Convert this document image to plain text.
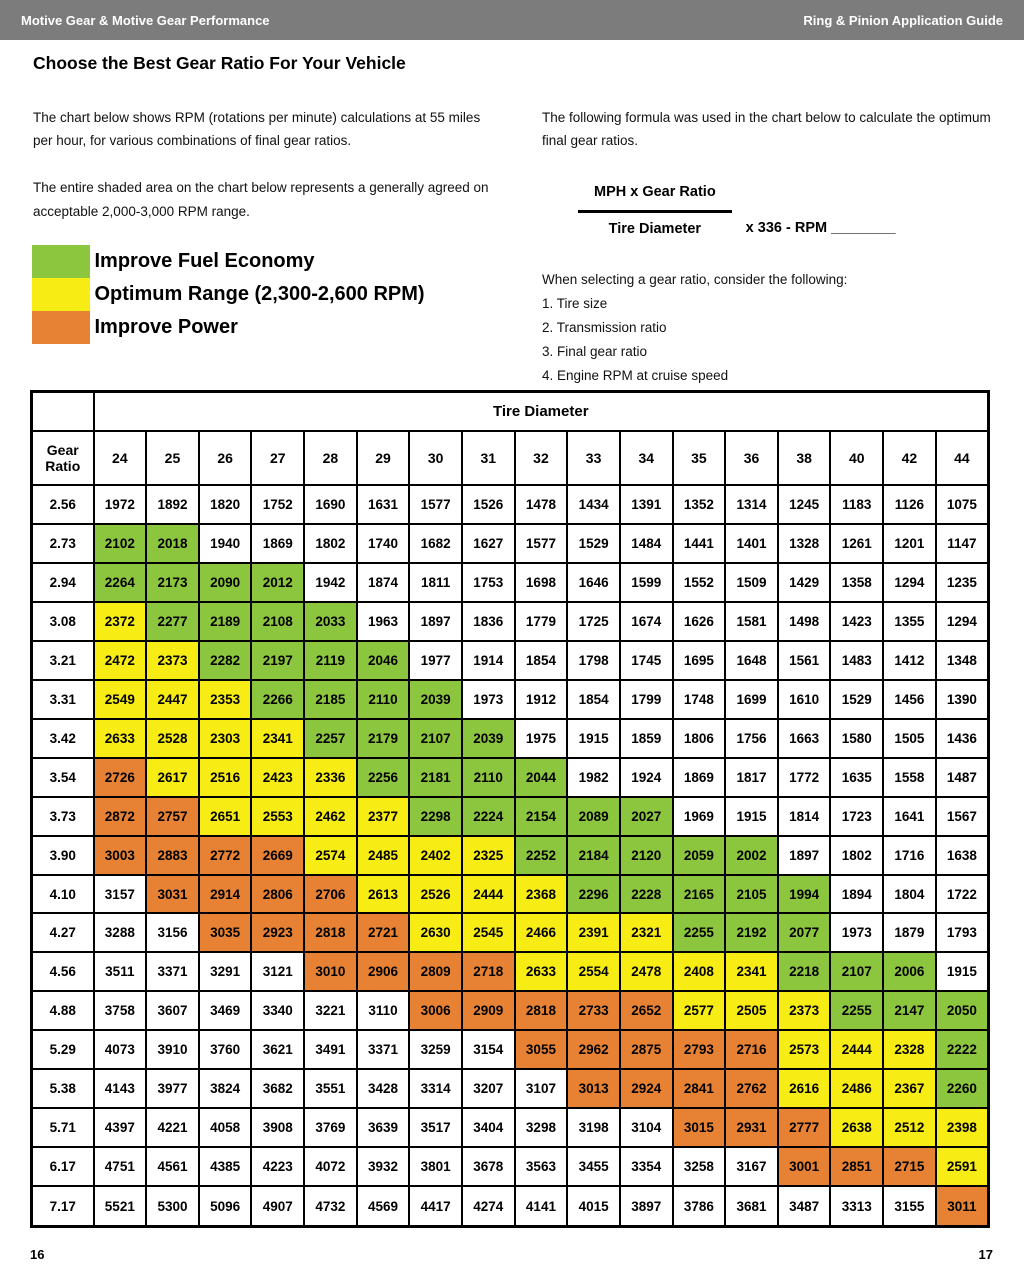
Motive Gear & Motive Gear Performance	Ring & Pinion Application Guide
Choose the Best Gear Ratio For Your Vehicle

The chart below shows RPM (rotations per minute) calculations at 55 miles per hour, for various combinations of final gear ratios.

The entire shaded area on the chart below represents a generally agreed on acceptable 2,000-3,000 RPM range.

Improve Fuel Economy
Optimum Range (2,300-2,600 RPM)
Improve Power

The following formula was used in the chart below to calculate the optimum final gear ratios.

$\frac{\text{MPH x Gear Ratio}}{\text{Tire Diameter}}$ x 336 - RPM ________
When selecting a gear ratio, consider the following:
1. Tire size
2. Transmission ratio
3. Final gear ratio
4. Engine RPM at cruise speed
	Tire Diameter																
Gear Ratio	24	25	26	27	28	29	30	31	32	33	34	35	36	38	40	42	44
2.56	1972	1892	1820	1752	1690	1631	1577	1526	1478	1434	1391	1352	1314	1245	1183	1126	1075
2.73	2102	2018	1940	1869	1802	1740	1682	1627	1577	1529	1484	1441	1401	1328	1261	1201	1147
2.94	2264	2173	2090	2012	1942	1874	1811	1753	1698	1646	1599	1552	1509	1429	1358	1294	1235
3.08	2372	2277	2189	2108	2033	1963	1897	1836	1779	1725	1674	1626	1581	1498	1423	1355	1294
3.21	2472	2373	2282	2197	2119	2046	1977	1914	1854	1798	1745	1695	1648	1561	1483	1412	1348
3.31	2549	2447	2353	2266	2185	2110	2039	1973	1912	1854	1799	1748	1699	1610	1529	1456	1390
3.42	2633	2528	2303	2341	2257	2179	2107	2039	1975	1915	1859	1806	1756	1663	1580	1505	1436
3.54	2726	2617	2516	2423	2336	2256	2181	2110	2044	1982	1924	1869	1817	1772	1635	1558	1487
3.73	2872	2757	2651	2553	2462	2377	2298	2224	2154	2089	2027	1969	1915	1814	1723	1641	1567
3.90	3003	2883	2772	2669	2574	2485	2402	2325	2252	2184	2120	2059	2002	1897	1802	1716	1638
4.10	3157	3031	2914	2806	2706	2613	2526	2444	2368	2296	2228	2165	2105	1994	1894	1804	1722
4.27	3288	3156	3035	2923	2818	2721	2630	2545	2466	2391	2321	2255	2192	2077	1973	1879	1793
4.56	3511	3371	3291	3121	3010	2906	2809	2718	2633	2554	2478	2408	2341	2218	2107	2006	1915
4.88	3758	3607	3469	3340	3221	3110	3006	2909	2818	2733	2652	2577	2505	2373	2255	2147	2050
5.29	4073	3910	3760	3621	3491	3371	3259	3154	3055	2962	2875	2793	2716	2573	2444	2328	2222
5.38	4143	3977	3824	3682	3551	3428	3314	3207	3107	3013	2924	2841	2762	2616	2486	2367	2260
5.71	4397	4221	4058	3908	3769	3639	3517	3404	3298	3198	3104	3015	2931	2777	2638	2512	2398
6.17	4751	4561	4385	4223	4072	3932	3801	3678	3563	3455	3354	3258	3167	3001	2851	2715	2591
7.17	5521	5300	5096	4907	4732	4569	4417	4274	4141	4015	3897	3786	3681	3487	3313	3155	3011
16	17
